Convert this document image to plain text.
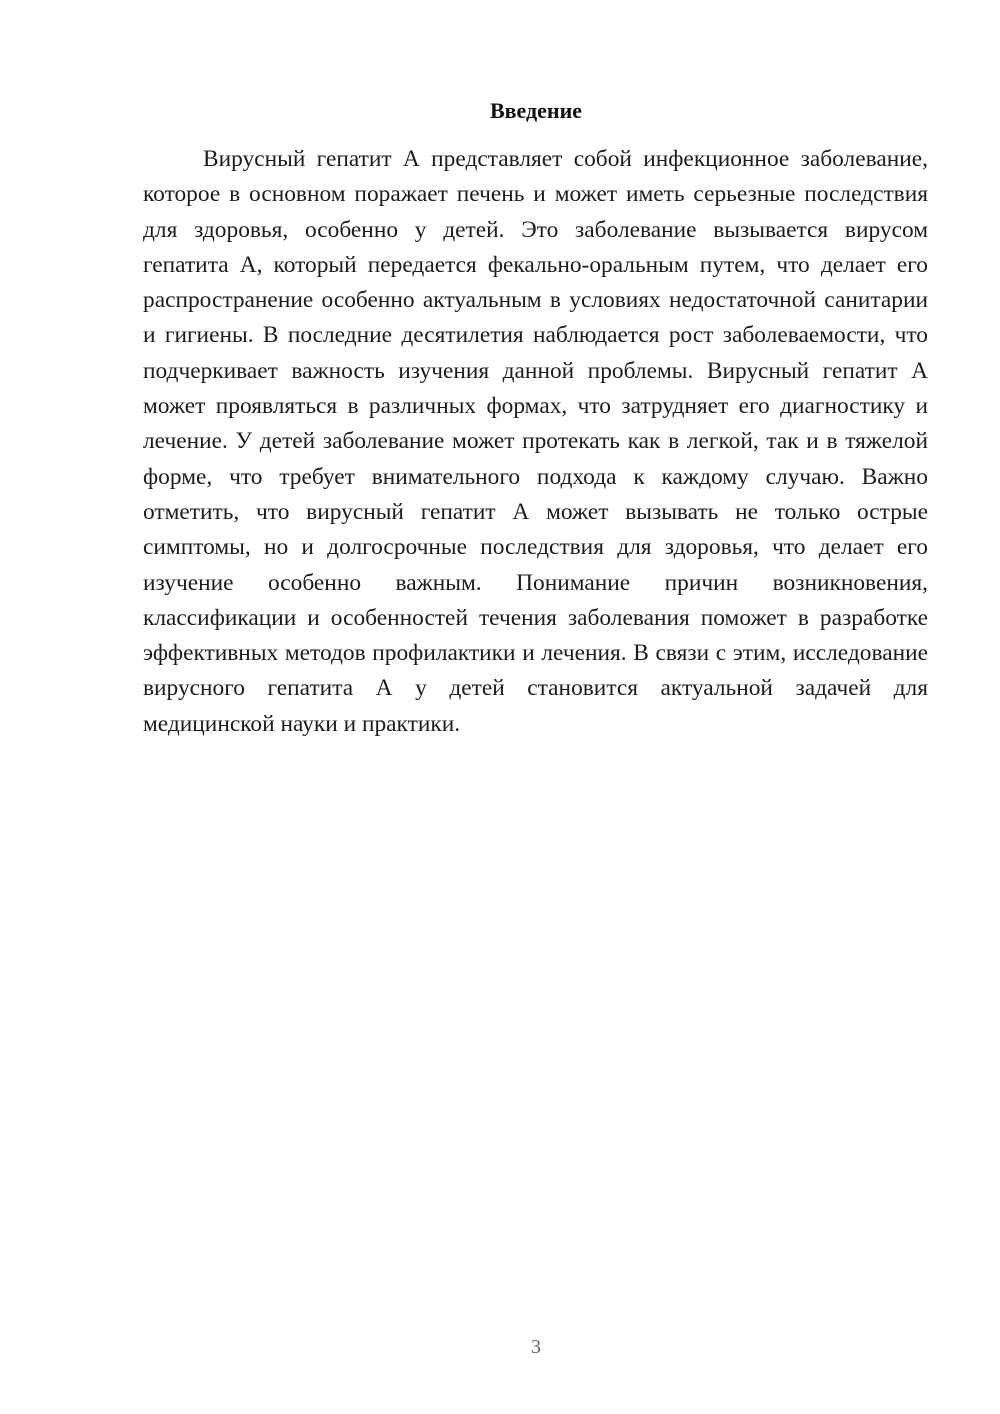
Введение

Вирусный гепатит А представляет собой инфекционное заболевание, которое в основном поражает печень и может иметь серьезные последствия для здоровья, особенно у детей. Это заболевание вызывается вирусом гепатита А, который передается фекально-оральным путем, что делает его распространение особенно актуальным в условиях недостаточной санитарии и гигиены. В последние десятилетия наблюдается рост заболеваемости, что подчеркивает важность изучения данной проблемы. Вирусный гепатит А может проявляться в различных формах, что затрудняет его диагностику и лечение. У детей заболевание может протекать как в легкой, так и в тяжелой форме, что требует внимательного подхода к каждому случаю. Важно отметить, что вирусный гепатит А может вызывать не только острые симптомы, но и долгосрочные последствия для здоровья, что делает его изучение особенно важным. Понимание причин возникновения, классификации и особенностей течения заболевания поможет в разработке эффективных методов профилактики и лечения. В связи с этим, исследование вирусного гепатита А у детей становится актуальной задачей для медицинской науки и практики.

3
